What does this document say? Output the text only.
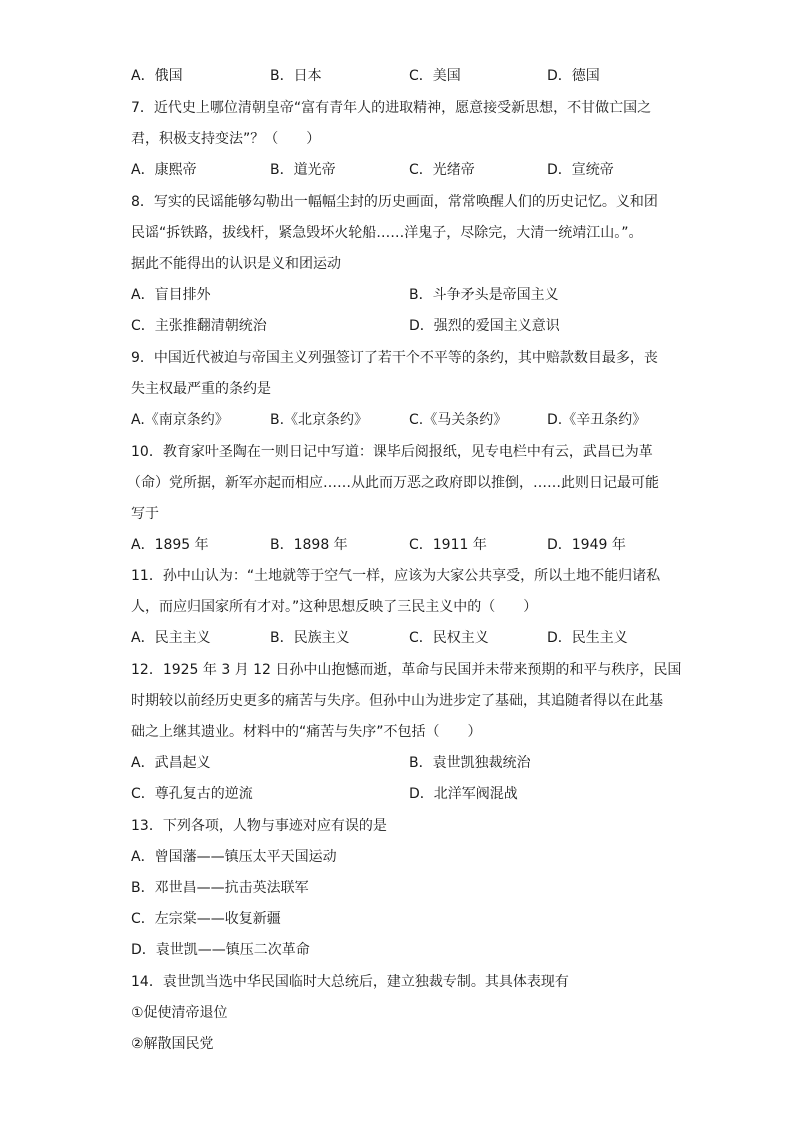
A．俄国	B．日本	C．美国	D．德国
7．近代史上哪位清朝皇帝“富有青年人的进取精神，愿意接受新思想，不甘做亡国之
君，积极支持变法”？（　　）
A．康熙帝	B．道光帝	C．光绪帝	D．宣统帝
8．写实的民谣能够勾勒出一幅幅尘封的历史画面，常常唤醒人们的历史记忆。义和团
民谣“拆铁路，拔线杆，紧急毁坏火轮船……洋鬼子，尽除完，大清一统靖江山。”。
据此不能得出的认识是义和团运动
A．盲目排外	B．斗争矛头是帝国主义
C．主张推翻清朝统治	D．强烈的爱国主义意识
9．中国近代被迫与帝国主义列强签订了若干个不平等的条约，其中赔款数目最多，丧
失主权最严重的条约是
A.《南京条约》	B.《北京条约》	C.《马关条约》	D.《辛丑条约》
10．教育家叶圣陶在一则日记中写道：课毕后阅报纸，见专电栏中有云，武昌已为革
（命）党所据，新军亦起而相应……从此而万恶之政府即以推倒，……此则日记最可能
写于
A．1895 年	B．1898 年	C．1911 年	D．1949 年
11．孙中山认为：“土地就等于空气一样，应该为大家公共享受，所以土地不能归诸私
人，而应归国家所有才对。”这种思想反映了三民主义中的（　　）
A．民主主义	B．民族主义	C．民权主义	D．民生主义
12．1925 年 3 月 12 日孙中山抱憾而逝，革命与民国并未带来预期的和平与秩序，民国
时期较以前经历史更多的痛苦与失序。但孙中山为进步定了基础，其追随者得以在此基
础之上继其遗业。材料中的“痛苦与失序”不包括（　　）
A．武昌起义	B．袁世凯独裁统治
C．尊孔复古的逆流	D．北洋军阀混战
13．下列各项，人物与事迹对应有误的是
A．曾国藩——镇压太平天国运动
B．邓世昌——抗击英法联军
C．左宗棠——收复新疆
D．袁世凯——镇压二次革命
14．袁世凯当选中华民国临时大总统后，建立独裁专制。其具体表现有
①促使清帝退位
②解散国民党
